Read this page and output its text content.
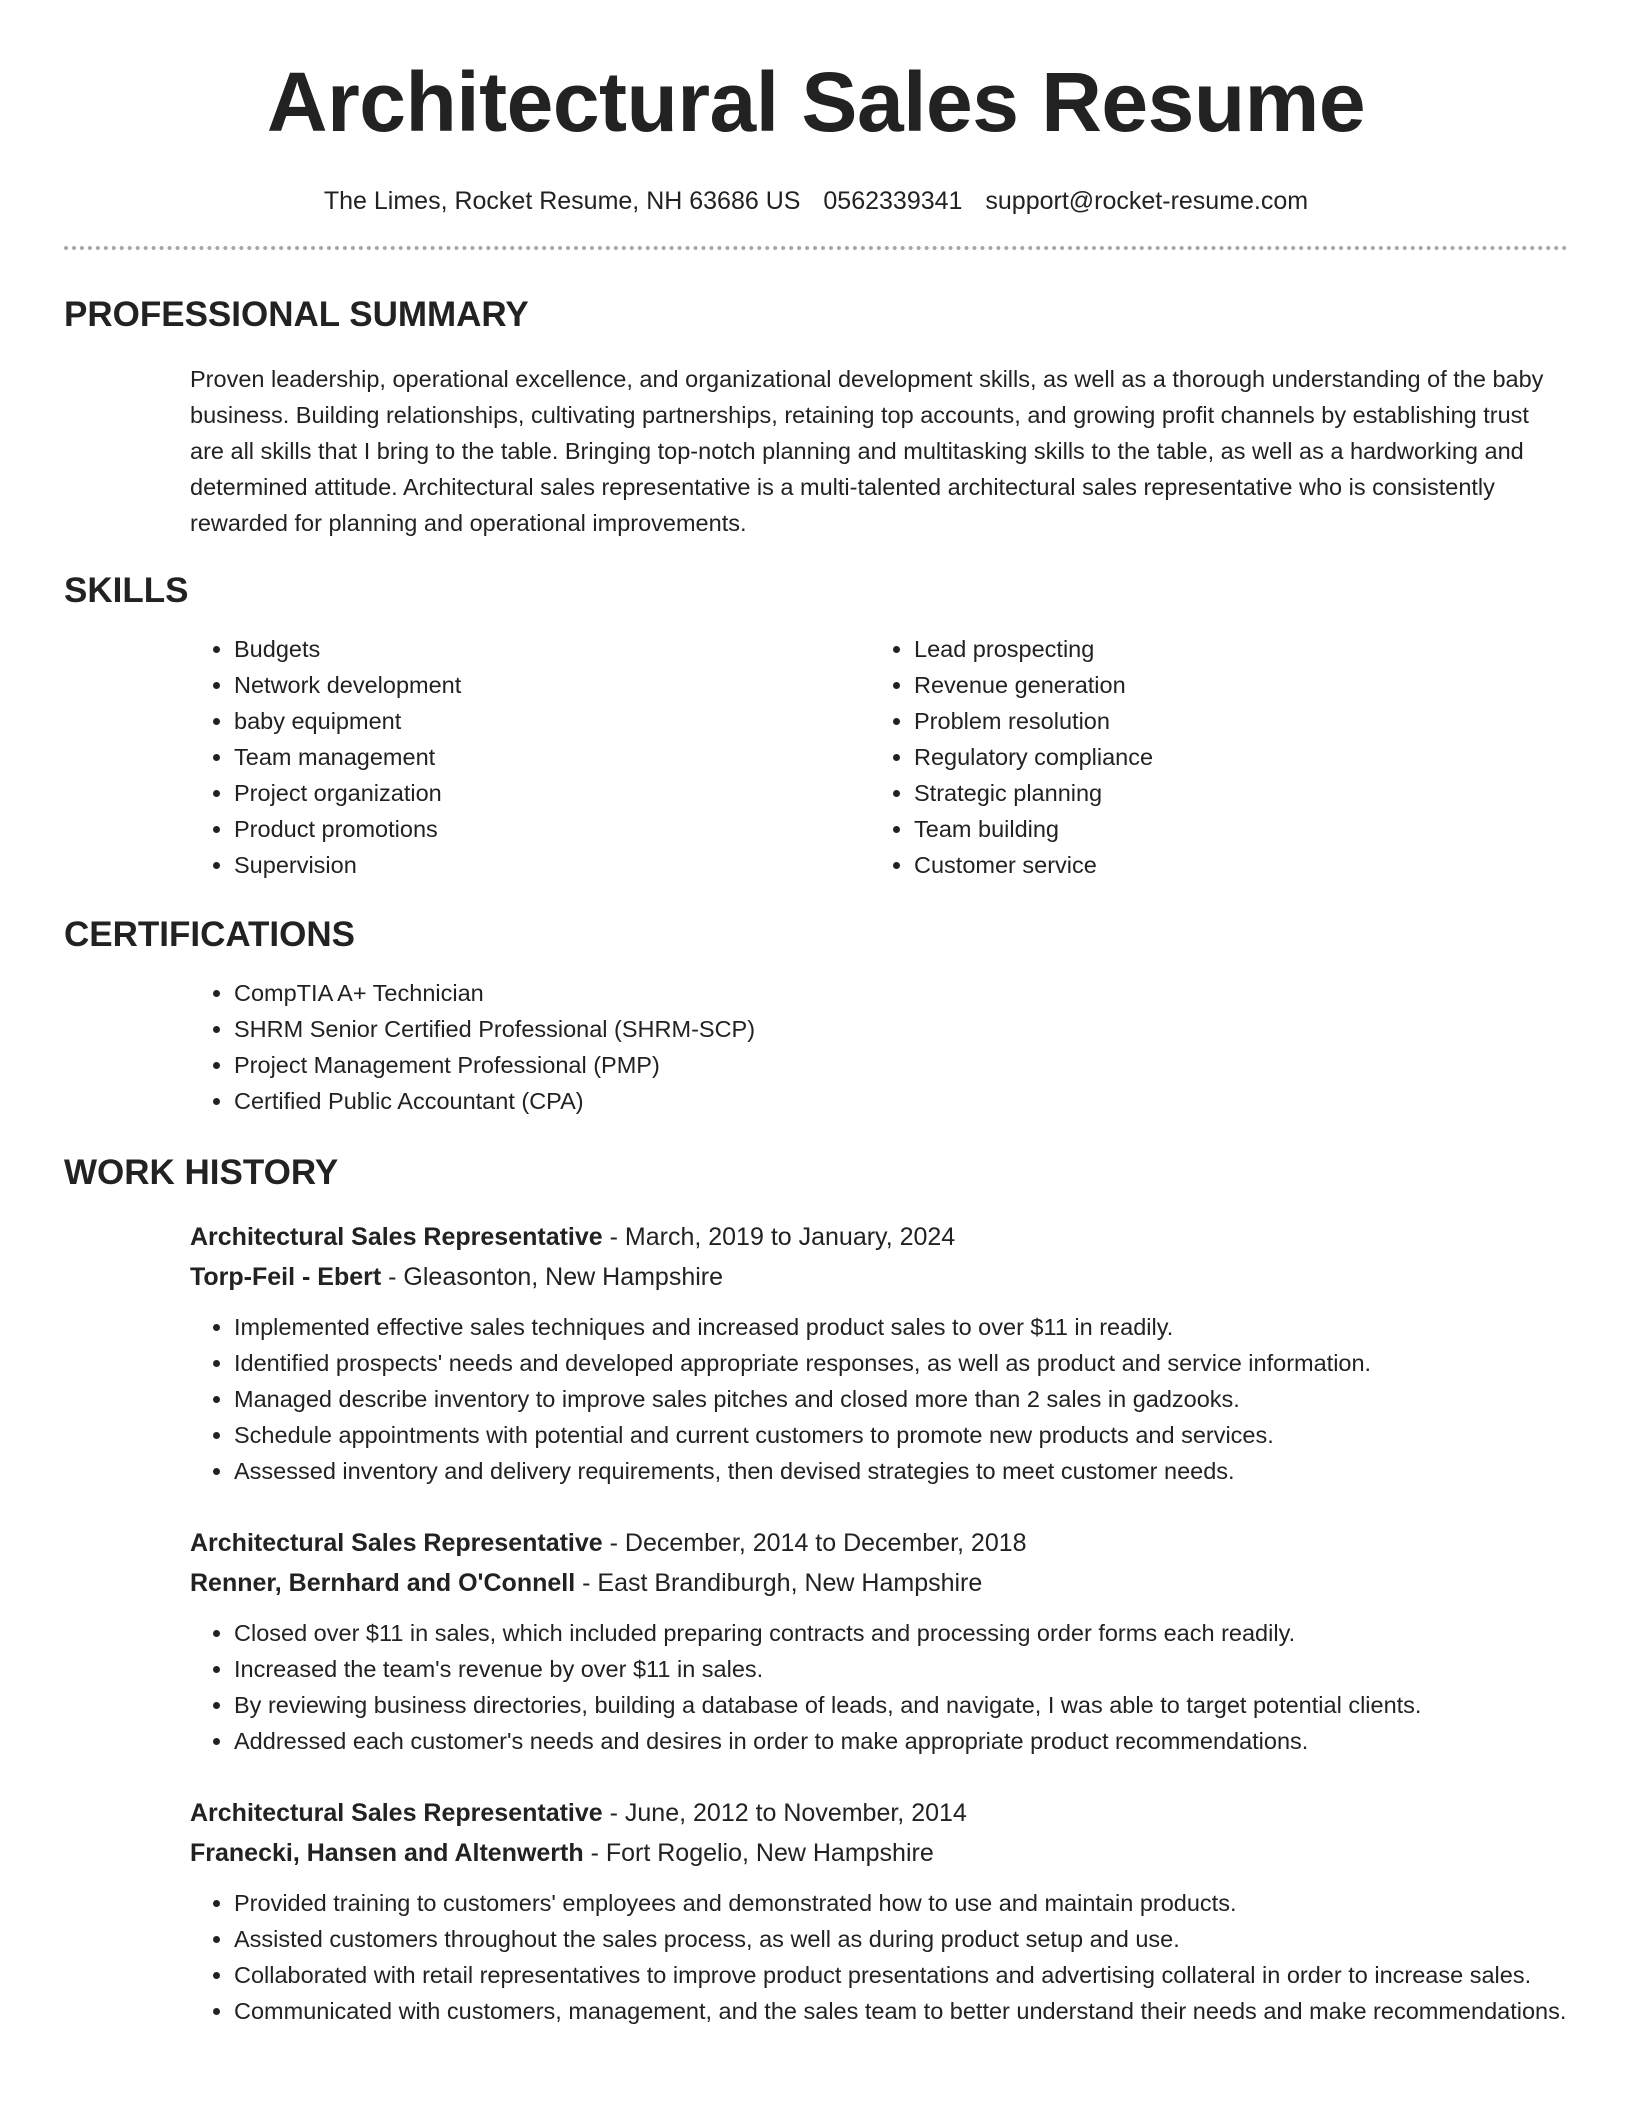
Architectural Sales Resume
The Limes, Rocket Resume, NH 63686 US 0562339341 support@rocket-resume.com
PROFESSIONAL SUMMARY
Proven leadership, operational excellence, and organizational development skills, as well as a thorough understanding of the baby business. Building relationships, cultivating partnerships, retaining top accounts, and growing profit channels by establishing trust are all skills that I bring to the table. Bringing top-notch planning and multitasking skills to the table, as well as a hardworking and determined attitude. Architectural sales representative is a multi-talented architectural sales representative who is consistently rewarded for planning and operational improvements.
SKILLS
• Budgets
• Network development
• baby equipment
• Team management
• Project organization
• Product promotions
• Supervision
• Lead prospecting
• Revenue generation
• Problem resolution
• Regulatory compliance
• Strategic planning
• Team building
• Customer service
CERTIFICATIONS
• CompTIA A+ Technician
• SHRM Senior Certified Professional (SHRM-SCP)
• Project Management Professional (PMP)
• Certified Public Accountant (CPA)
WORK HISTORY
Architectural Sales Representative - March, 2019 to January, 2024
Torp-Feil - Ebert - Gleasonton, New Hampshire
• Implemented effective sales techniques and increased product sales to over $11 in readily.
• Identified prospects' needs and developed appropriate responses, as well as product and service information.
• Managed describe inventory to improve sales pitches and closed more than 2 sales in gadzooks.
• Schedule appointments with potential and current customers to promote new products and services.
• Assessed inventory and delivery requirements, then devised strategies to meet customer needs.
Architectural Sales Representative - December, 2014 to December, 2018
Renner, Bernhard and O'Connell - East Brandiburgh, New Hampshire
• Closed over $11 in sales, which included preparing contracts and processing order forms each readily.
• Increased the team's revenue by over $11 in sales.
• By reviewing business directories, building a database of leads, and navigate, I was able to target potential clients.
• Addressed each customer's needs and desires in order to make appropriate product recommendations.
Architectural Sales Representative - June, 2012 to November, 2014
Franecki, Hansen and Altenwerth - Fort Rogelio, New Hampshire
• Provided training to customers' employees and demonstrated how to use and maintain products.
• Assisted customers throughout the sales process, as well as during product setup and use.
• Collaborated with retail representatives to improve product presentations and advertising collateral in order to increase sales.
• Communicated with customers, management, and the sales team to better understand their needs and make recommendations.
